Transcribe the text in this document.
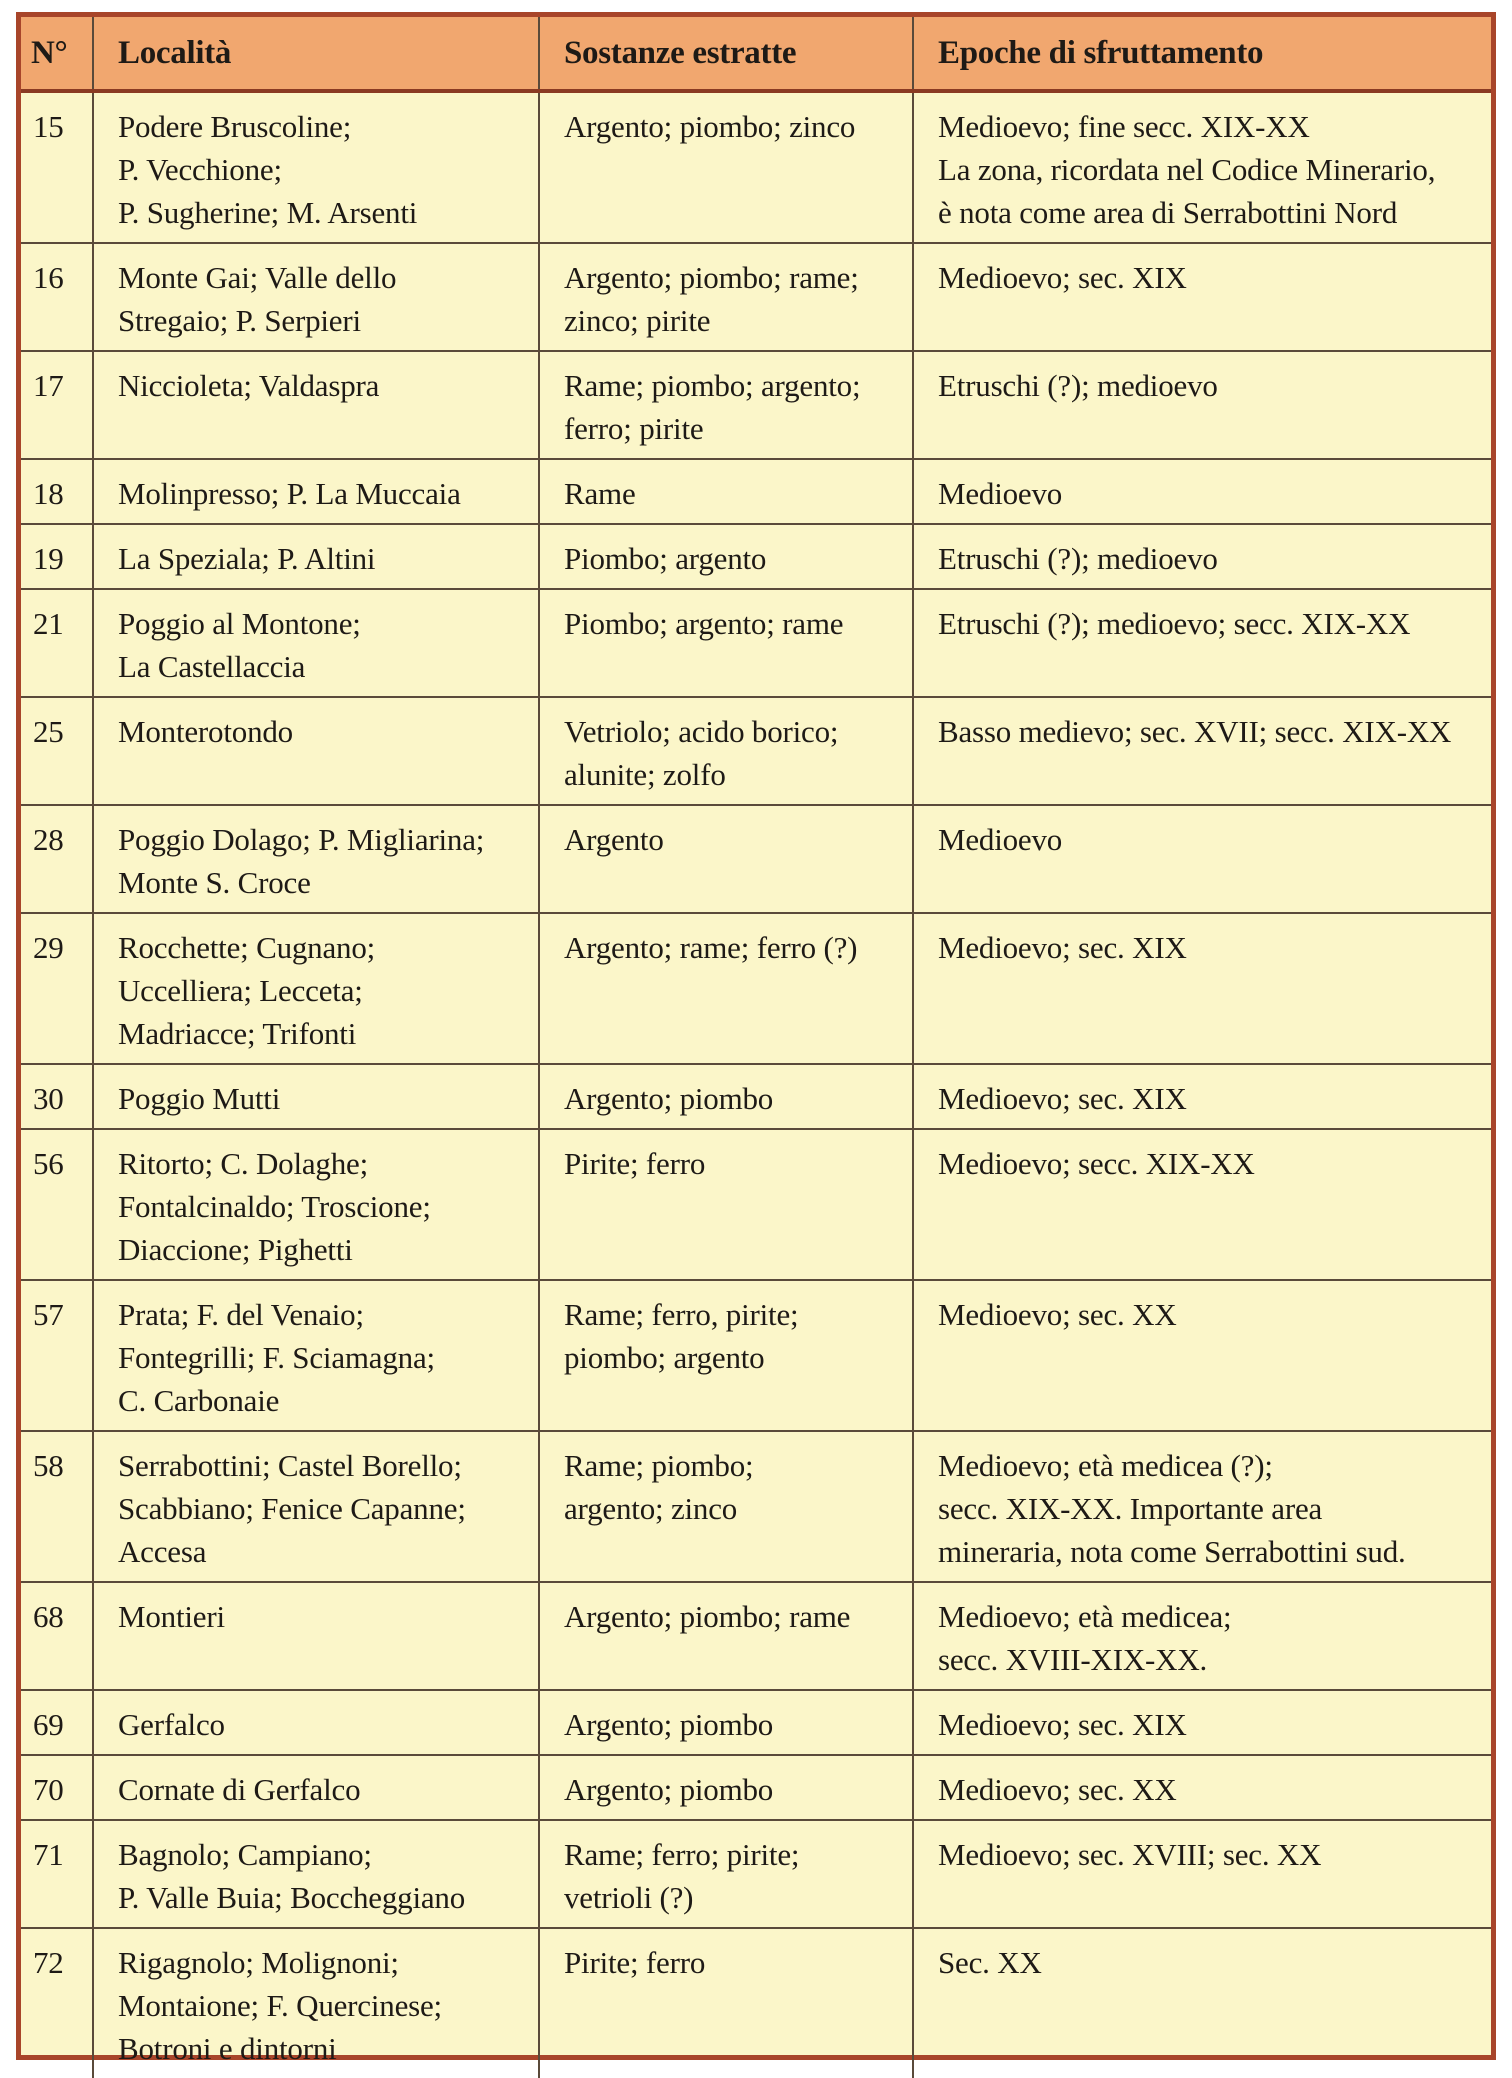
N°	Località	Sostanze estratte	Epoche di sfruttamento
15	Podere Bruscoline;
P. Vecchione;
P. Sugherine; M. Arsenti	Argento; piombo; zinco	Medioevo; fine secc. XIX-XX
La zona, ricordata nel Codice Minerario,
è nota come area di Serrabottini Nord
16	Monte Gai; Valle dello
Stregaio; P. Serpieri	Argento; piombo; rame;
zinco; pirite	Medioevo; sec. XIX
17	Niccioleta; Valdaspra	Rame; piombo; argento;
ferro; pirite	Etruschi (?); medioevo
18	Molinpresso; P. La Muccaia	Rame	Medioevo
19	La Speziala; P. Altini	Piombo; argento	Etruschi (?); medioevo
21	Poggio al Montone;
La Castellaccia	Piombo; argento; rame	Etruschi (?); medioevo; secc. XIX-XX
25	Monterotondo	Vetriolo; acido borico;
alunite; zolfo	Basso medievo; sec. XVII; secc. XIX-XX
28	Poggio Dolago; P. Migliarina;
Monte S. Croce	Argento	Medioevo
29	Rocchette; Cugnano;
Uccelliera; Lecceta;
Madriacce; Trifonti	Argento; rame; ferro (?)	Medioevo; sec. XIX
30	Poggio Mutti	Argento; piombo	Medioevo; sec. XIX
56	Ritorto; C. Dolaghe;
Fontalcinaldo; Troscione;
Diaccione; Pighetti	Pirite; ferro	Medioevo; secc. XIX-XX
57	Prata; F. del Venaio;
Fontegrilli; F. Sciamagna;
C. Carbonaie	Rame; ferro, pirite;
piombo; argento	Medioevo; sec. XX
58	Serrabottini; Castel Borello;
Scabbiano; Fenice Capanne;
Accesa	Rame; piombo;
argento; zinco	Medioevo; età medicea (?);
secc. XIX-XX. Importante area
mineraria, nota come Serrabottini sud.
68	Montieri	Argento; piombo; rame	Medioevo; età medicea;
secc. XVIII-XIX-XX.
69	Gerfalco	Argento; piombo	Medioevo; sec. XIX
70	Cornate di Gerfalco	Argento; piombo	Medioevo; sec. XX
71	Bagnolo; Campiano;
P. Valle Buia; Boccheggiano	Rame; ferro; pirite;
vetrioli (?)	Medioevo; sec. XVIII; sec. XX
72	Rigagnolo; Molignoni;
Montaione; F. Quercinese;
Botroni e dintorni	Pirite; ferro	Sec. XX
